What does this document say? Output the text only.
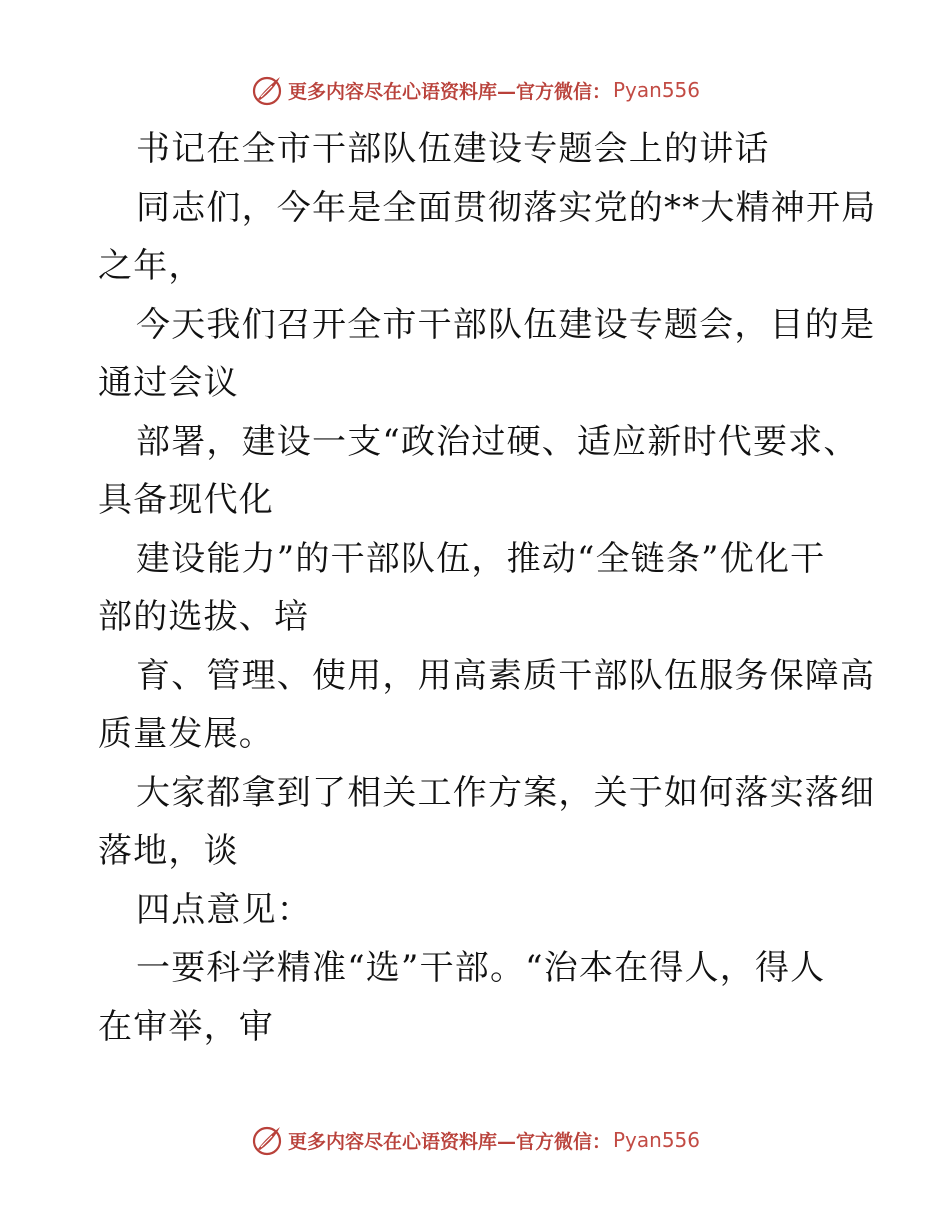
更多内容尽在心语资料库—官方微信： Pyan556

书记在全市干部队伍建设专题会上的讲话

同志们，今年是全面贯彻落实党的**大精神开局
之年，

今天我们召开全市干部队伍建设专题会，目的是
通过会议

部署，建设一支“政治过硬、适应新时代要求、
具备现代化

建设能力”的干部队伍，推动“全链条”优化干
部的选拔、培

育、管理、使用，用高素质干部队伍服务保障高
质量发展。

大家都拿到了相关工作方案，关于如何落实落细
落地，谈

四点意见：

一要科学精准“选”干部。“治本在得人，得人
在审举，审

更多内容尽在心语资料库—官方微信： Pyan556
